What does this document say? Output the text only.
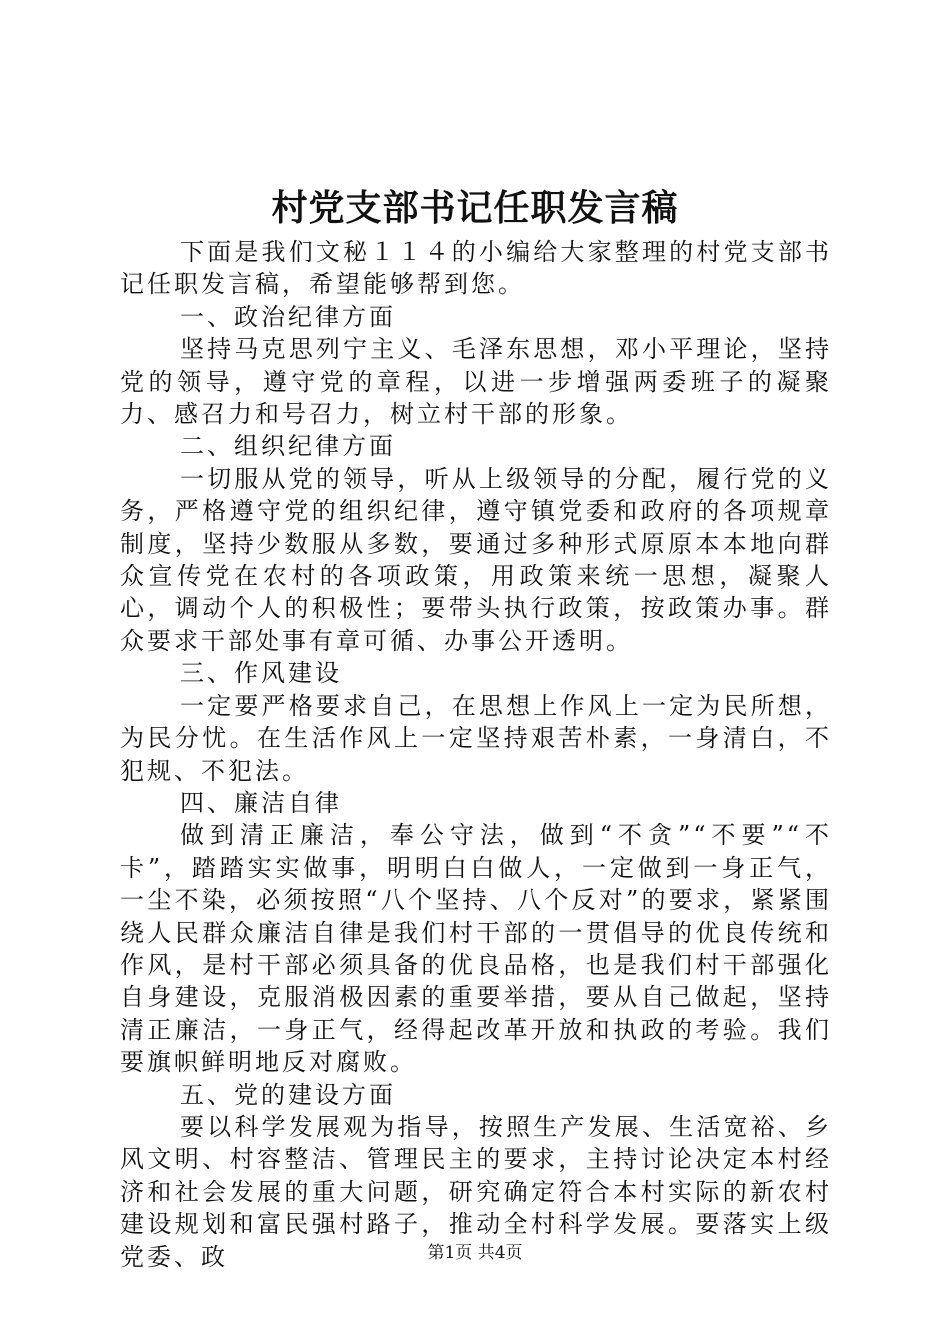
村党支部书记任职发言稿

下面是我们文秘１１４的小编给大家整理的村党支部书记任职发言稿，希望能够帮到您。

一、政治纪律方面

坚持马克思列宁主义、毛泽东思想，邓小平理论，坚持党的领导，遵守党的章程，以进一步增强两委班子的凝聚力、感召力和号召力，树立村干部的形象。

二、组织纪律方面

一切服从党的领导，听从上级领导的分配，履行党的义务，严格遵守党的组织纪律，遵守镇党委和政府的各项规章制度，坚持少数服从多数，要通过多种形式原原本本地向群众宣传党在农村的各项政策，用政策来统一思想，凝聚人心，调动个人的积极性；要带头执行政策，按政策办事。群众要求干部处事有章可循、办事公开透明。

三、作风建设

一定要严格要求自己，在思想上作风上一定为民所想，为民分忧。在生活作风上一定坚持艰苦朴素，一身清白，不犯规、不犯法。

四、廉洁自律

做到清正廉洁，奉公守法，做到“不贪”“不要”“不卡”，踏踏实实做事，明明白白做人，一定做到一身正气，一尘不染，必须按照“八个坚持、八个反对”的要求，紧紧围绕人民群众廉洁自律是我们村干部的一贯倡导的优良传统和作风，是村干部必须具备的优良品格，也是我们村干部强化自身建设，克服消极因素的重要举措，要从自己做起，坚持清正廉洁，一身正气，经得起改革开放和执政的考验。我们要旗帜鲜明地反对腐败。

五、党的建设方面

要以科学发展观为指导，按照生产发展、生活宽裕、乡风文明、村容整洁、管理民主的要求，主持讨论决定本村经济和社会发展的重大问题，研究确定符合本村实际的新农村建设规划和富民强村路子，推动全村科学发展。要落实上级党委、政	第1页 共4页
